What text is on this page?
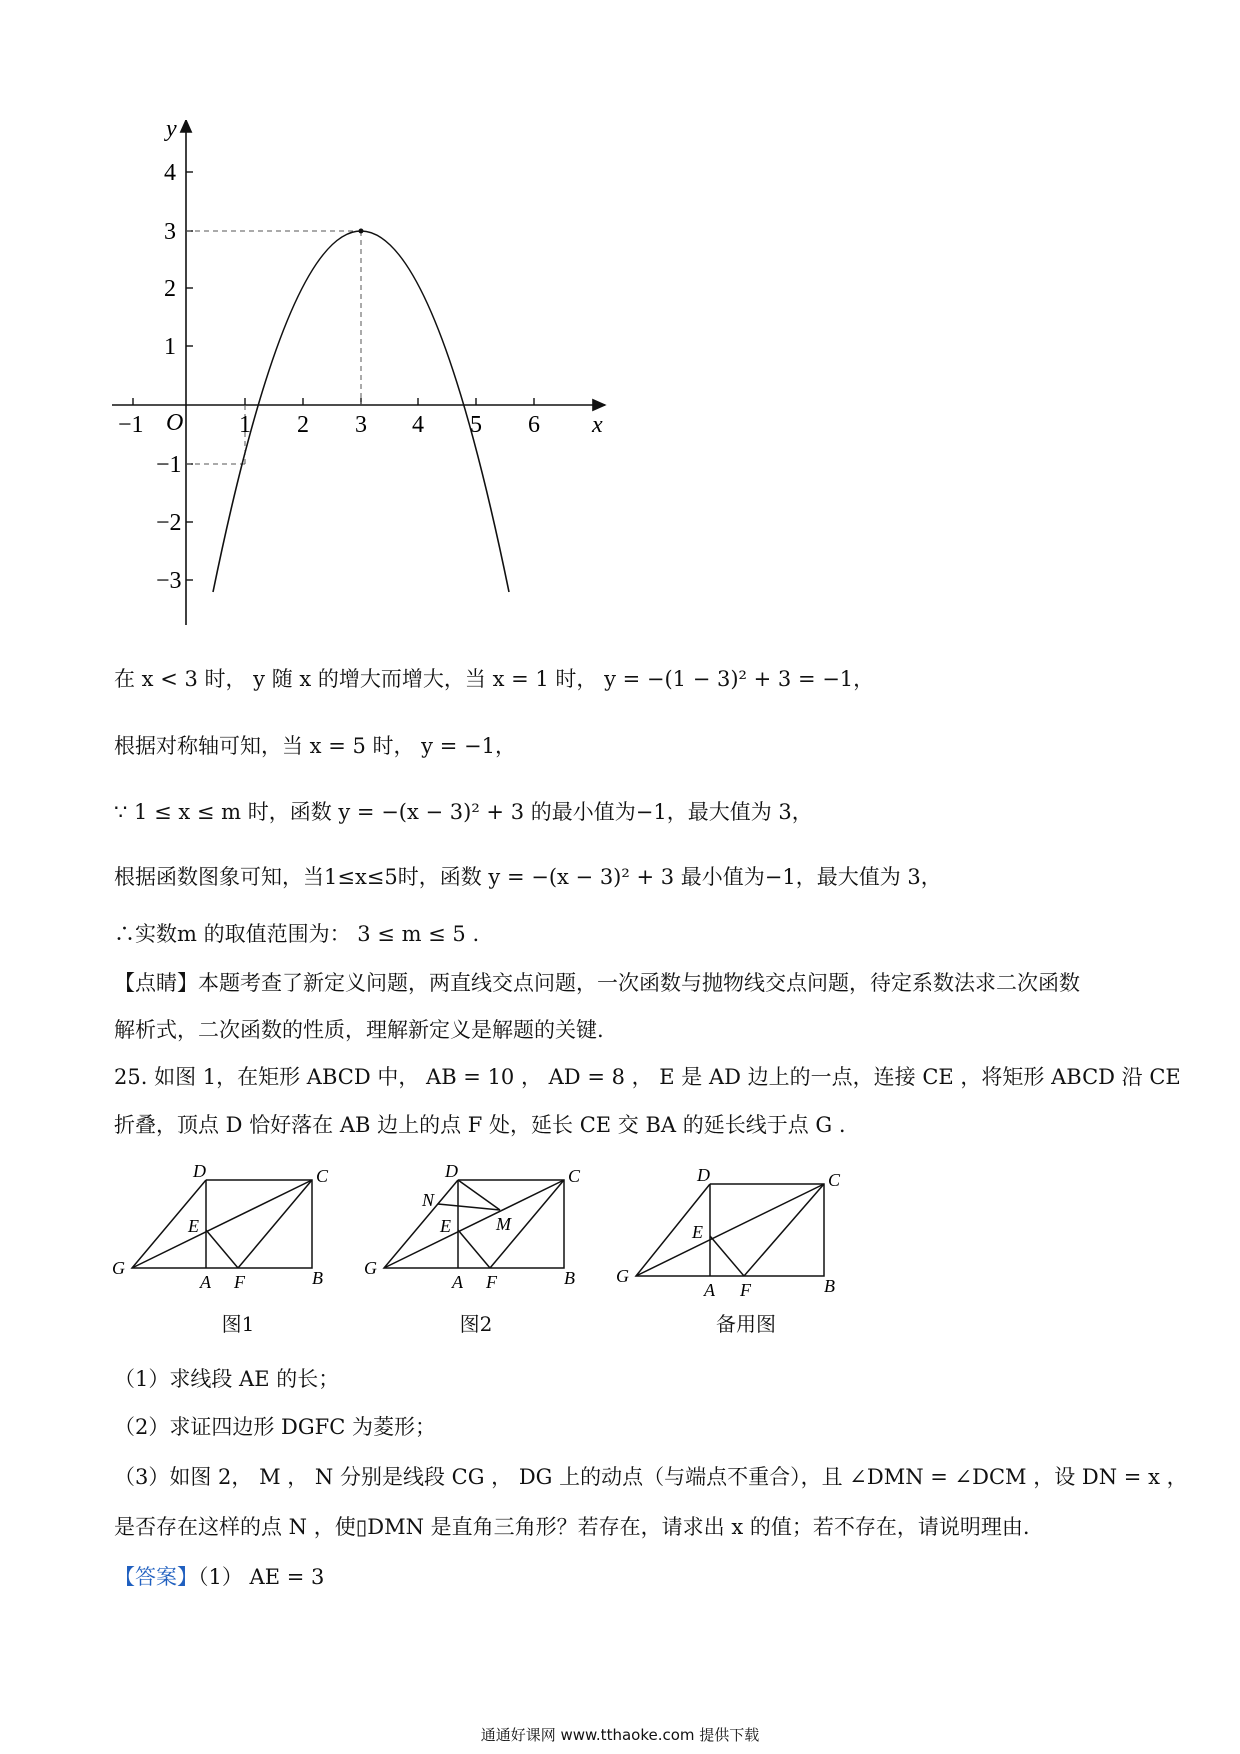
y
x
O
4
3
2
1
−1
−2
−3
−1	1 2 3 4 5 6
在 x < 3 时， y 随 x 的增大而增大，当 x = 1 时， y = −(1 − 3)² + 3 = −1，
根据对称轴可知，当 x = 5 时， y = −1，
∵ 1 ≤ x ≤ m 时，函数 y = −(x − 3)² + 3 的最小值为−1，最大值为 3，
根据函数图象可知，当1≤x≤5时，函数 y = −(x − 3)² + 3 最小值为−1，最大值为 3，
∴实数m 的取值范围为： 3 ≤ m ≤ 5 .
【点睛】本题考查了新定义问题，两直线交点问题，一次函数与抛物线交点问题，待定系数法求二次函数
解析式，二次函数的性质，理解新定义是解题的关键.
25. 如图 1，在矩形 ABCD 中， AB = 10 ， AD = 8 ， E 是 AD 边上的一点，连接 CE ，将矩形 ABCD 沿 CE
折叠，顶点 D 恰好落在 AB 边上的点 F 处，延长 CE 交 BA 的延长线于点 G .
D	C
E
G
A F	B
图1
D	C
N
E	M
G
A F	B
图2
D	C
E
G
A F	B
备用图
（1）求线段 AE 的长；
（2）求证四边形 DGFC 为菱形；
（3）如图 2， M ， N 分别是线段 CG ， DG 上的动点（与端点不重合），且 ∠DMN = ∠DCM ，设 DN = x ，
是否存在这样的点 N ，使▯DMN 是直角三角形？若存在，请求出 x 的值；若不存在，请说明理由.
【答案】（1） AE = 3
通通好课网 www.tthaoke.com 提供下载
